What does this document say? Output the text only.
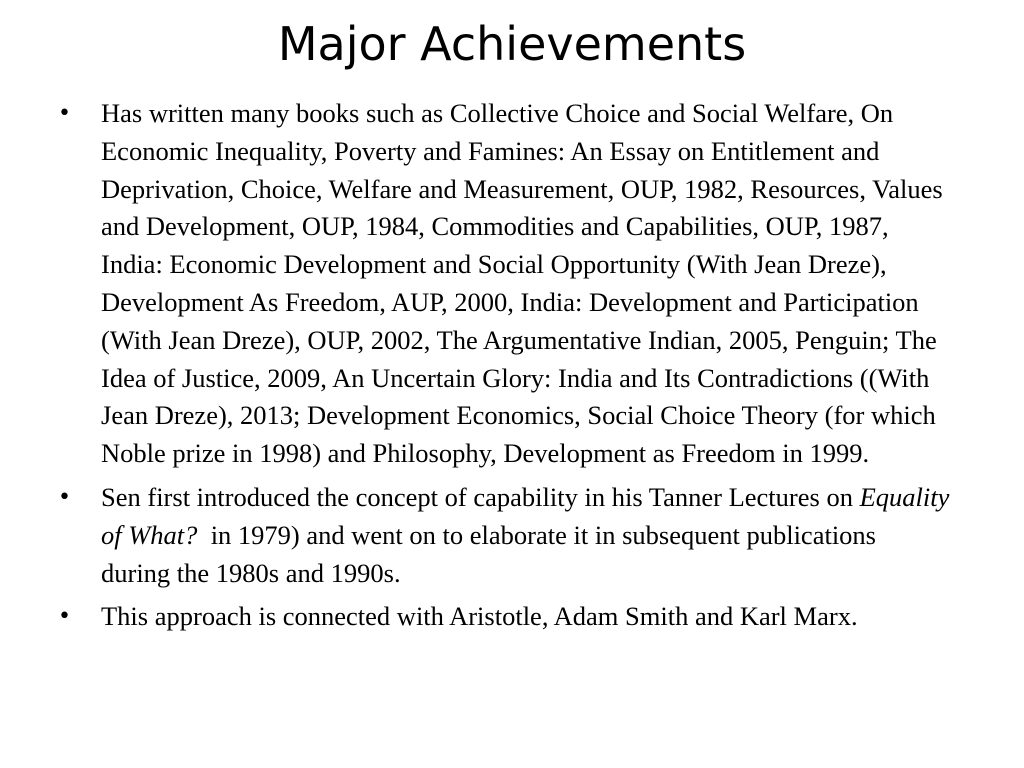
Major Achievements
• Has written many books such as Collective Choice and Social Welfare, On Economic Inequality, Poverty and Famines: An Essay on Entitlement and Deprivation, Choice, Welfare and Measurement, OUP, 1982, Resources, Values and Development, OUP, 1984, Commodities and Capabilities, OUP, 1987, India: Economic Development and Social Opportunity (With Jean Dreze), Development As Freedom, AUP, 2000, India: Development and Participation (With Jean Dreze), OUP, 2002, The Argumentative Indian, 2005, Penguin; The Idea of Justice, 2009, An Uncertain Glory: India and Its Contradictions ((With Jean Dreze), 2013; Development Economics, Social Choice Theory (for which Noble prize in 1998) and Philosophy, Development as Freedom in 1999.
• Sen first introduced the concept of capability in his Tanner Lectures on Equality of What?  in 1979) and went on to elaborate it in subsequent publications during the 1980s and 1990s.
• This approach is connected with Aristotle, Adam Smith and Karl Marx.
